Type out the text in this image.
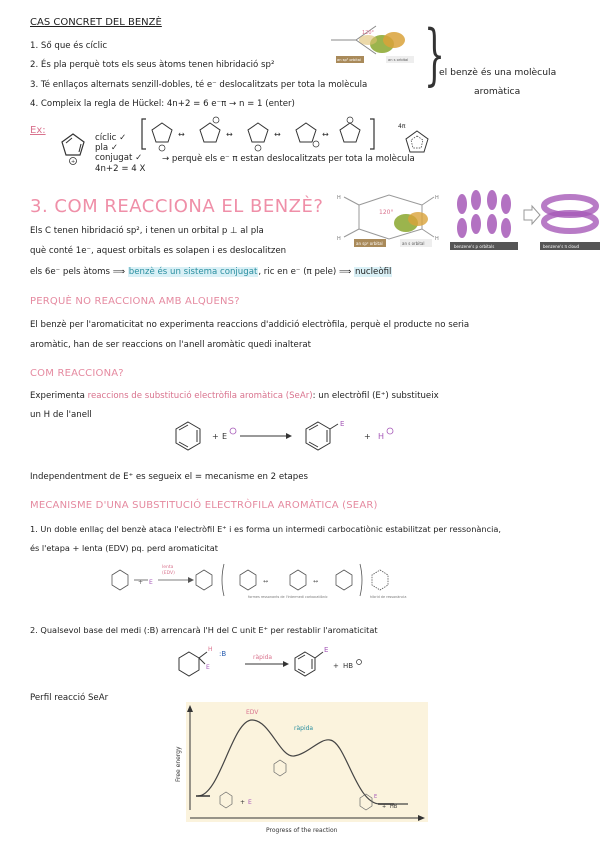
CAS CONCRET DEL BENZÈ
1. Ső que és cíclic
2. És pla perquè tots els seus àtoms tenen hibridació sp²
3. Té enllaços alternats senzill-dobles, té e⁻ deslocalitzats per tota la molècula
4. Compleix la regla de Hückel: 4n+2 = 6 e⁻π → n = 1 (enter)
120°
an sp² orbital	an s orbital }
el benzè és una molècula
aromàtica
Ex:
+
cíclic ✓
pla ✓
conjugat ✓
4n+2 = 4 X
↔	↔	↔	↔
4π
→ perquè els e⁻ π estan deslocalitzats per tota la molècula
3. COM REACCIONA EL BENZÈ?
Els C tenen hibridació sp², i tenen un orbital p ⊥ al pla
què conté 1e⁻, aquest orbitals es solapen i es deslocalitzen
els 6e⁻ pels àtoms ⟹ benzè és un sistema conjugat, ric en e⁻ (π pele) ⟹ nucleòfil
H
H
H
H
120°
an sp² orbital	an s orbital
benzene's p orbitals	benzene's π cloud
PERQUÈ NO REACCIONA AMB ALQUENS?
El benzè per l'aromaticitat no experimenta reaccions d'addició electròfila, perquè el producte no seria
aromàtic, han de ser reaccions on l'anell aromàtic quedi inalterat
COM REACCIONA?
Experimenta reaccions de substitució electròfila aromàtica (SeAr): un electròfil (E⁺) substitueix
un H de l'anell
+ E
E
+ H
Independentment de E⁺ es segueix el = mecanisme en 2 etapes
MECANISME D'UNA SUBSTITUCIÓ ELECTRÒFILA AROMÀTICA (SEAR)
1. Un doble enllaç del benzè ataca l'electròfil E⁺ i es forma un intermedi carbocatiònic estabilitzat per ressonància,
és l'etapa + lenta (EDV) pq. perd aromaticitat
+ E
lenta
(EDV)
↔	↔
formes ressonants de l'intermedi carbocatiònic	híbrid de ressonància
2. Qualsevol base del medi (:B) arrencarà l'H del C unit E⁺ per restablir l'aromaticitat
H
E
:B	ràpida
E
+ HB
Perfil reacció SeAr
EDV
ràpida
Free energy
Progress of the reaction
+ E
E
+ HB
